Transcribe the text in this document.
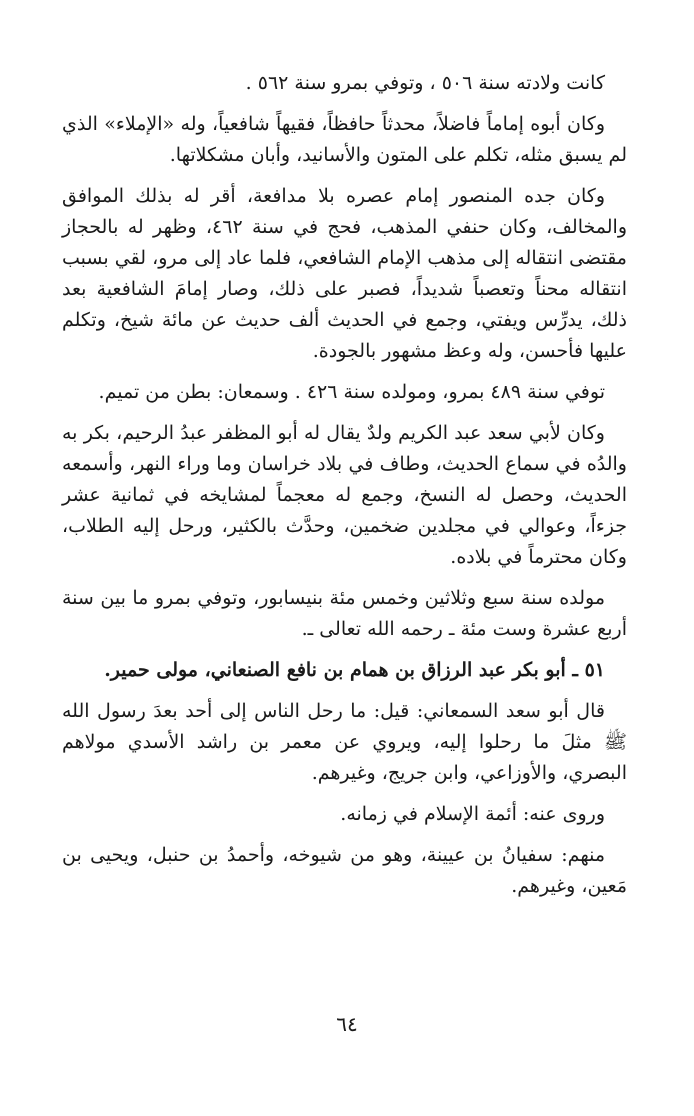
كانت ولادته سنة ٥٠٦ ، وتوفي بمرو سنة ٥٦٢ .

وكان أبوه إماماً فاضلاً، محدثاً حافظاً، فقيهاً شافعياً، وله «الإملاء» الذي لم يسبق مثله، تكلم على المتون والأسانيد، وأبان مشكلاتها.

وكان جده المنصور إمام عصره بلا مدافعة، أقر له بذلك الموافق والمخالف، وكان حنفي المذهب، فحج في سنة ٤٦٢، وظهر له بالحجاز مقتضى انتقاله إلى مذهب الإمام الشافعي، فلما عاد إلى مرو، لقي بسبب انتقاله محناً وتعصباً شديداً، فصبر على ذلك، وصار إمامَ الشافعية بعد ذلك، يدرِّس ويفتي، وجمع في الحديث ألف حديث عن مائة شيخ، وتكلم عليها فأحسن، وله وعظ مشهور بالجودة.

توفي سنة ٤٨٩ بمرو، ومولده سنة ٤٢٦ . وسمعان: بطن من تميم.

وكان لأبي سعد عبد الكريم ولدٌ يقال له أبو المظفر عبدُ الرحيم، بكر به والدُه في سماع الحديث، وطاف في بلاد خراسان وما وراء النهر، وأسمعه الحديث، وحصل له النسخ، وجمع له معجماً لمشايخه في ثمانية عشر جزءاً، وعوالي في مجلدين ضخمين، وحدَّث بالكثير، ورحل إليه الطلاب، وكان محترماً في بلاده.

مولده سنة سبع وثلاثين وخمس مئة بنيسابور، وتوفي بمرو ما بين سنة أربع عشرة وست مئة ـ رحمه الله تعالى ـ.

٥١ ـ أبو بكر عبد الرزاق بن همام بن نافع الصنعاني، مولى حمير.

قال أبو سعد السمعاني: قيل: ما رحل الناس إلى أحد بعدَ رسول الله ﷺ مثلَ ما رحلوا إليه، ويروي عن معمر بن راشد الأسدي مولاهم البصري، والأوزاعي، وابن جريج، وغيرهم.

وروى عنه: أئمة الإسلام في زمانه.

منهم: سفيانُ بن عيينة، وهو من شيوخه، وأحمدُ بن حنبل، ويحيى بن مَعين، وغيرهم.

٦٤
